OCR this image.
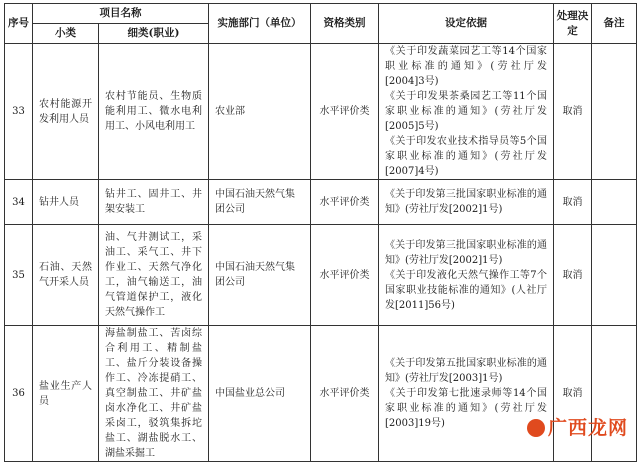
序号	项目名称		实施部门（单位）	资格类别	设定依据	处理决定	备注
	小类	细类(职业)					
33	农村能源开发利用人员	农村节能员、生物质能利用工、微水电利用工、小风电利用工	农业部	水平评价类	《关于印发蔬菜园艺工等14个国家职业标准的通知》(劳社厅发[2004]3号)

《关于印发果茶桑园艺工等11个国家职业标准的通知》(劳社厅发[2005]5号)

《关于印发农业技术指导员等5个国家职业标准的通知》(劳社厅发[2007]4号)	取消	
34	钻井人员	钻井工、固井工、井架安装工	中国石油天然气集团公司	水平评价类	《关于印发第三批国家职业标准的通知》(劳社厅发[2002]1号)	取消	
35	石油、天然气开采人员	油、气井测试工，采油工、采气工、井下作业工、天然气净化工，油气输送工，油气管道保护工，液化天然气操作工	中国石油天然气集团公司	水平评价类	《关于印发第三批国家职业标准的通知》(劳社厅发[2002]1号)

《关于印发液化天然气操作工等7个国家职业技能标准的通知》(人社厅发[2011]56号)	取消	
36	盐业生产人员	海盐制盐工、苦卤综合利用工、精制盐工、盐斤分装设备操作工、冷冻提硝工、真空制盐工、井矿盐卤水净化工、井矿盐采卤工，驳筑集拆坨盐工、湖盐脱水工、湖盐采掘工	中国盐业总公司	水平评价类	《关于印发第五批国家职业标准的通知》(劳社厅发[2003]1号)

《关于印发第七批速录师等14个国家职业标准的通知》(劳社厅发[2003]19号)	取消	
广西龙网
